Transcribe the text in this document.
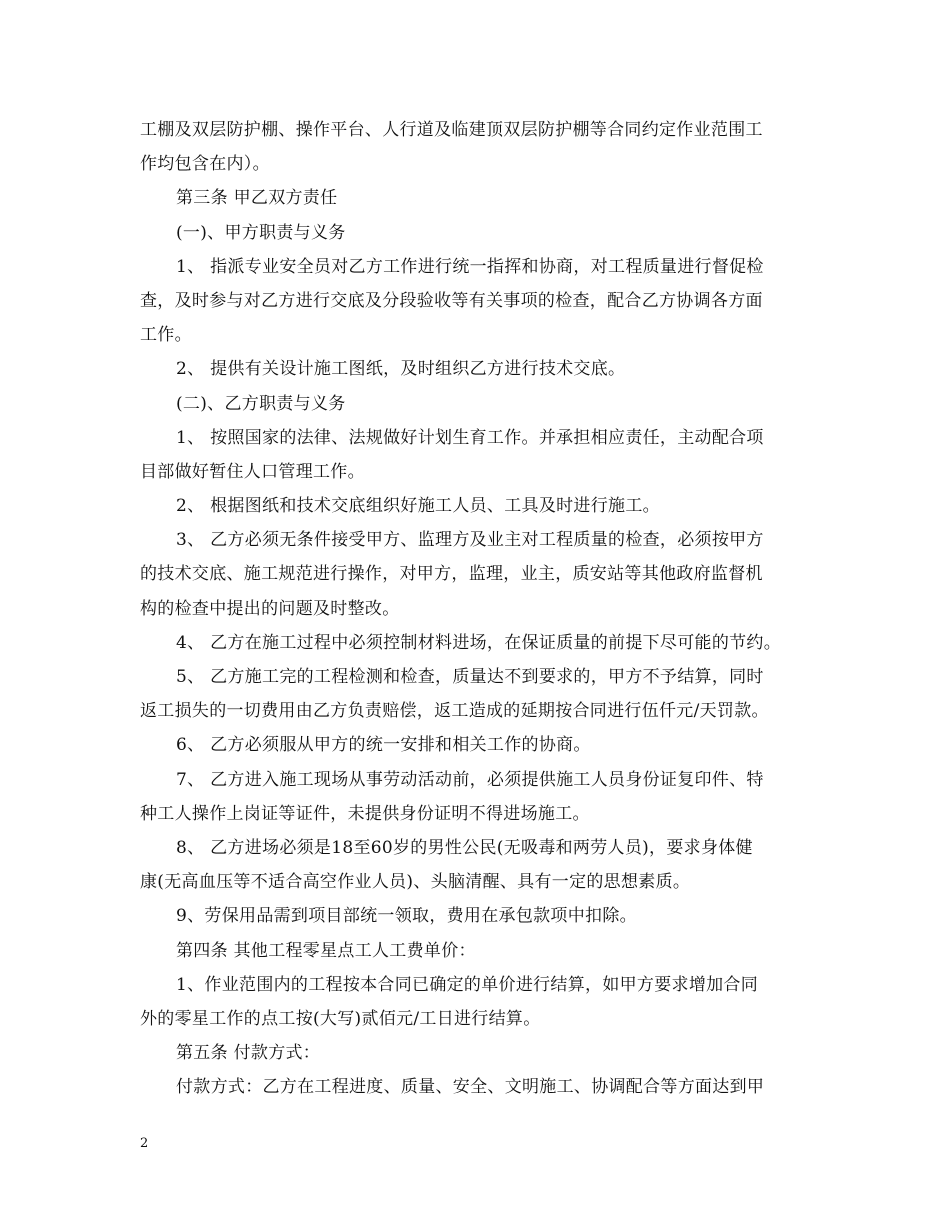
工棚及双层防护棚、操作平台、人行道及临建顶双层防护棚等合同约定作业范围工
作均包含在内）。
第三条 甲乙双方责任
(一)、甲方职责与义务
1、 指派专业安全员对乙方工作进行统一指挥和协商，对工程质量进行督促检
查，及时参与对乙方进行交底及分段验收等有关事项的检查，配合乙方协调各方面
工作。
2、 提供有关设计施工图纸，及时组织乙方进行技术交底。
(二)、乙方职责与义务
1、 按照国家的法律、法规做好计划生育工作。并承担相应责任，主动配合项
目部做好暂住人口管理工作。
2、 根据图纸和技术交底组织好施工人员、工具及时进行施工。
3、 乙方必须无条件接受甲方、监理方及业主对工程质量的检查，必须按甲方
的技术交底、施工规范进行操作，对甲方，监理，业主，质安站等其他政府监督机
构的检查中提出的问题及时整改。
4、 乙方在施工过程中必须控制材料进场，在保证质量的前提下尽可能的节约。
5、 乙方施工完的工程检测和检查，质量达不到要求的，甲方不予结算，同时
返工损失的一切费用由乙方负责赔偿，返工造成的延期按合同进行伍仟元/天罚款。
6、 乙方必须服从甲方的统一安排和相关工作的协商。
7、 乙方进入施工现场从事劳动活动前，必须提供施工人员身份证复印件、特
种工人操作上岗证等证件，未提供身份证明不得进场施工。
8、 乙方进场必须是18至60岁的男性公民(无吸毒和两劳人员)，要求身体健
康(无高血压等不适合高空作业人员)、头脑清醒、具有一定的思想素质。
9、劳保用品需到项目部统一领取，费用在承包款项中扣除。
第四条 其他工程零星点工人工费单价：
1、作业范围内的工程按本合同已确定的单价进行结算，如甲方要求增加合同
外的零星工作的点工按(大写)贰佰元/工日进行结算。
第五条 付款方式：
付款方式：乙方在工程进度、质量、安全、文明施工、协调配合等方面达到甲
2
